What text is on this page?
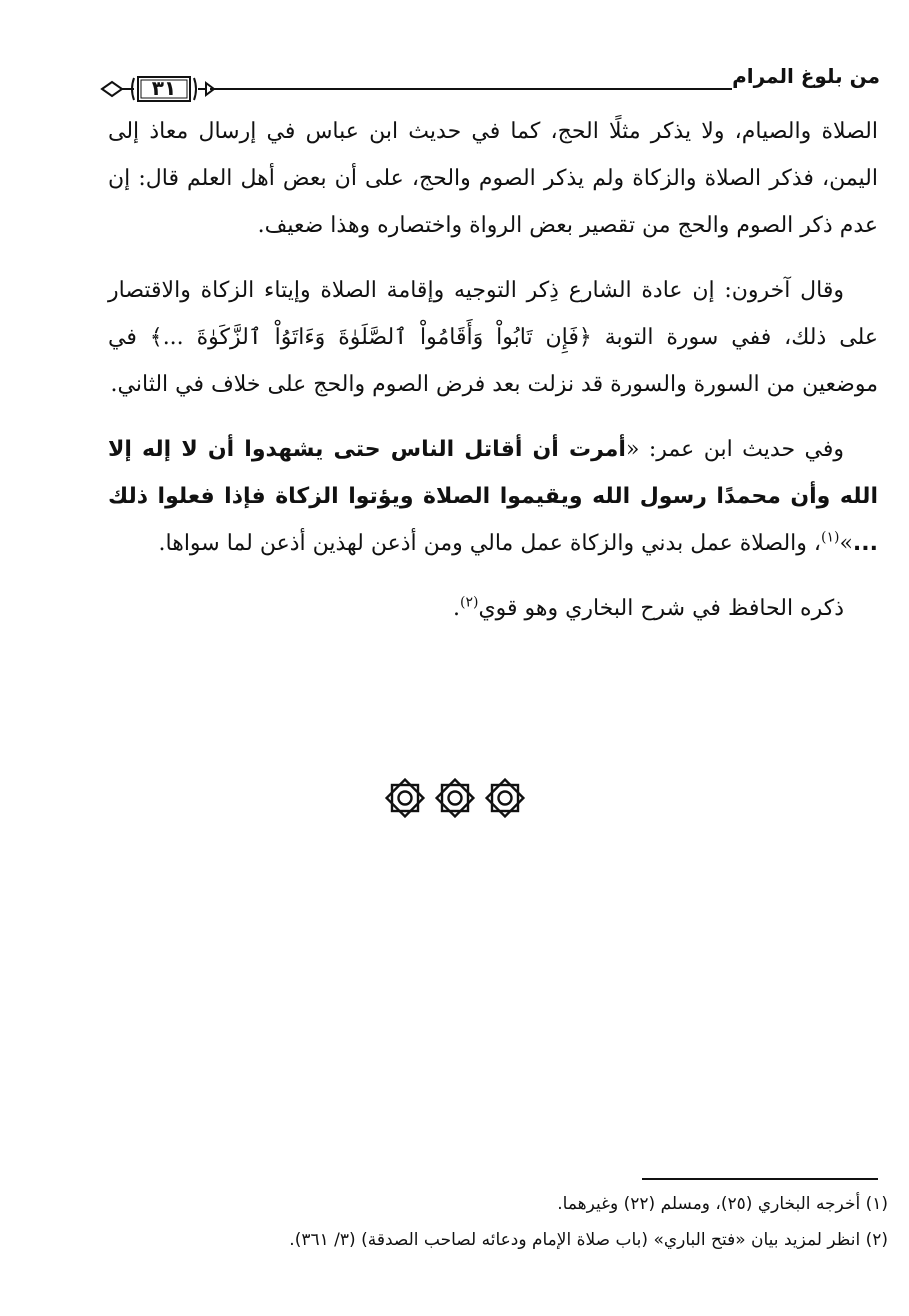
من بلوغ المرام
٣١

الصلاة والصيام، ولا يذكر مثلًا الحج، كما في حديث ابن عباس في إرسال معاذ إلى اليمن، فذكر الصلاة والزكاة ولم يذكر الصوم والحج، على أن بعض أهل العلم قال: إن عدم ذكر الصوم والحج من تقصير بعض الرواة واختصاره وهذا ضعيف.

وقال آخرون: إن عادة الشارع ذِكر التوجيه وإقامة الصلاة وإيتاء الزكاة والاقتصار على ذلك، ففي سورة التوبة ﴿فَإِن تَابُواْ وَأَقَامُواْ ٱلصَّلَوٰةَ وَءَاتَوُاْ ٱلزَّكَوٰةَ ...﴾ في موضعين من السورة والسورة قد نزلت بعد فرض الصوم والحج على خلاف في الثاني.

وفي حديث ابن عمر: «أمرت أن أقاتل الناس حتى يشهدوا أن لا إله إلا الله وأن محمدًا رسول الله ويقيموا الصلاة ويؤتوا الزكاة فإذا فعلوا ذلك ...»$^{(١)}$، والصلاة عمل بدني والزكاة عمل مالي ومن أذعن لهذين أذعن لما سواها.

ذكره الحافظ في شرح البخاري وهو قوي$^{(٢)}$.

(١) أخرجه البخاري (٢٥)، ومسلم (٢٢) وغيرهما.
(٢) انظر لمزيد بيان «فتح الباري» (باب صلاة الإمام ودعائه لصاحب الصدقة) (٣/ ٣٦١).
